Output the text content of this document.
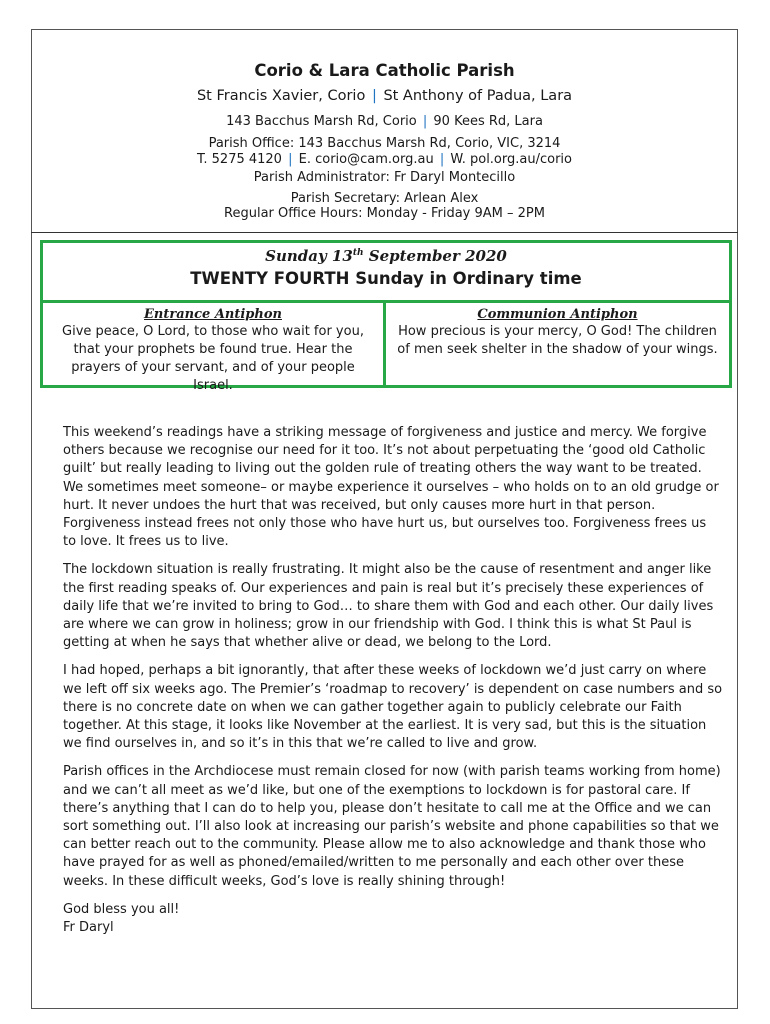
Corio & Lara Catholic Parish
St Francis Xavier, Corio | St Anthony of Padua, Lara
143 Bacchus Marsh Rd, Corio | 90 Kees Rd, Lara
Parish Office: 143 Bacchus Marsh Rd, Corio, VIC, 3214
T. 5275 4120 | E. corio@cam.org.au | W. pol.org.au/corio
Parish Administrator: Fr Daryl Montecillo
Parish Secretary: Arlean Alex
Regular Office Hours: Monday - Friday 9AM – 2PM
Sunday 13th September 2020
TWENTY FOURTH Sunday in Ordinary time
Entrance Antiphon
Give peace, O Lord, to those who wait for you, that your prophets be found true. Hear the prayers of your servant, and of your people Israel.
Communion Antiphon
How precious is your mercy, O God! The children of men seek shelter in the shadow of your wings.

This weekend’s readings have a striking message of forgiveness and justice and mercy. We forgive others because we recognise our need for it too. It’s not about perpetuating the ‘good old Catholic guilt’ but really leading to living out the golden rule of treating others the way want to be treated. We sometimes meet someone– or maybe experience it ourselves – who holds on to an old grudge or hurt. It never undoes the hurt that was received, but only causes more hurt in that person. Forgiveness instead frees not only those who have hurt us, but ourselves too. Forgiveness frees us to love. It frees us to live.

The lockdown situation is really frustrating. It might also be the cause of resentment and anger like the first reading speaks of. Our experiences and pain is real but it’s precisely these experiences of daily life that we’re invited to bring to God… to share them with God and each other. Our daily lives are where we can grow in holiness; grow in our friendship with God. I think this is what St Paul is getting at when he says that whether alive or dead, we belong to the Lord.

I had hoped, perhaps a bit ignorantly, that after these weeks of lockdown we’d just carry on where we left off six weeks ago. The Premier’s ‘roadmap to recovery’ is dependent on case numbers and so there is no concrete date on when we can gather together again to publicly celebrate our Faith together. At this stage, it looks like November at the earliest. It is very sad, but this is the situation we find ourselves in, and so it’s in this that we’re called to live and grow.

Parish offices in the Archdiocese must remain closed for now (with parish teams working from home) and we can’t all meet as we’d like, but one of the exemptions to lockdown is for pastoral care. If there’s anything that I can do to help you, please don’t hesitate to call me at the Office and we can sort something out. I’ll also look at increasing our parish’s website and phone capabilities so that we can better reach out to the community. Please allow me to also acknowledge and thank those who have prayed for as well as phoned/emailed/written to me personally and each other over these weeks. In these difficult weeks, God’s love is really shining through!

God bless you all!
Fr Daryl
